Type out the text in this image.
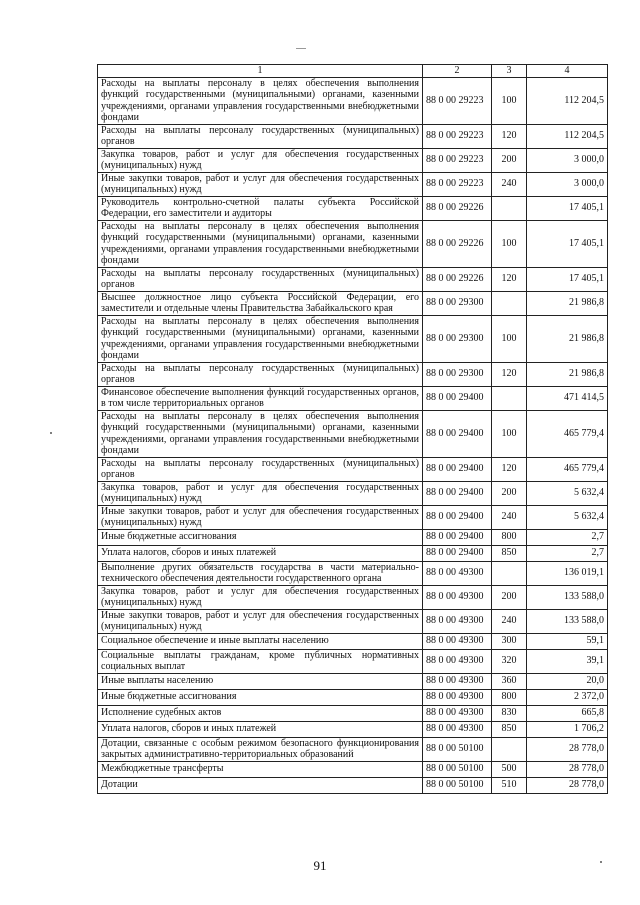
1	2	3	4
Расходы на выплаты персоналу в целях обеспечения выполнения функций государственными (муниципальными) органами, казенными учреждениями, органами управления государственными внебюджетными фондами	88 0 00 29223	100	112 204,5
Расходы на выплаты персоналу государственных (муниципальных) органов	88 0 00 29223	120	112 204,5
Закупка товаров, работ и услуг для обеспечения государственных (муниципальных) нужд	88 0 00 29223	200	3 000,0
Иные закупки товаров, работ и услуг для обеспечения государственных (муниципальных) нужд	88 0 00 29223	240	3 000,0
Руководитель контрольно-счетной палаты субъекта Российской Федерации, его заместители и аудиторы	88 0 00 29226		17 405,1
Расходы на выплаты персоналу в целях обеспечения выполнения функций государственными (муниципальными) органами, казенными учреждениями, органами управления государственными внебюджетными фондами	88 0 00 29226	100	17 405,1
Расходы на выплаты персоналу государственных (муниципальных) органов	88 0 00 29226	120	17 405,1
Высшее должностное лицо субъекта Российской Федерации, его заместители и отдельные члены Правительства Забайкальского края	88 0 00 29300		21 986,8
Расходы на выплаты персоналу в целях обеспечения выполнения функций государственными (муниципальными) органами, казенными учреждениями, органами управления государственными внебюджетными фондами	88 0 00 29300	100	21 986,8
Расходы на выплаты персоналу государственных (муниципальных) органов	88 0 00 29300	120	21 986,8
Финансовое обеспечение выполнения функций государственных органов, в том числе территориальных органов	88 0 00 29400		471 414,5
Расходы на выплаты персоналу в целях обеспечения выполнения функций государственными (муниципальными) органами, казенными учреждениями, органами управления государственными внебюджетными фондами	88 0 00 29400	100	465 779,4
Расходы на выплаты персоналу государственных (муниципальных) органов	88 0 00 29400	120	465 779,4
Закупка товаров, работ и услуг для обеспечения государственных (муниципальных) нужд	88 0 00 29400	200	5 632,4
Иные закупки товаров, работ и услуг для обеспечения государственных (муниципальных) нужд	88 0 00 29400	240	5 632,4
Иные бюджетные ассигнования	88 0 00 29400	800	2,7
Уплата налогов, сборов и иных платежей	88 0 00 29400	850	2,7
Выполнение других обязательств государства в части материально-технического обеспечения деятельности государственного органа	88 0 00 49300		136 019,1
Закупка товаров, работ и услуг для обеспечения государственных (муниципальных) нужд	88 0 00 49300	200	133 588,0
Иные закупки товаров, работ и услуг для обеспечения государственных (муниципальных) нужд	88 0 00 49300	240	133 588,0
Социальное обеспечение и иные выплаты населению	88 0 00 49300	300	59,1
Социальные выплаты гражданам, кроме публичных нормативных социальных выплат	88 0 00 49300	320	39,1
Иные выплаты населению	88 0 00 49300	360	20,0
Иные бюджетные ассигнования	88 0 00 49300	800	2 372,0
Исполнение судебных актов	88 0 00 49300	830	665,8
Уплата налогов, сборов и иных платежей	88 0 00 49300	850	1 706,2
Дотации, связанные с особым режимом безопасного функционирования закрытых административно-территориальных образований	88 0 00 50100		28 778,0
Межбюджетные трансферты	88 0 00 50100	500	28 778,0
Дотации	88 0 00 50100	510	28 778,0
91
